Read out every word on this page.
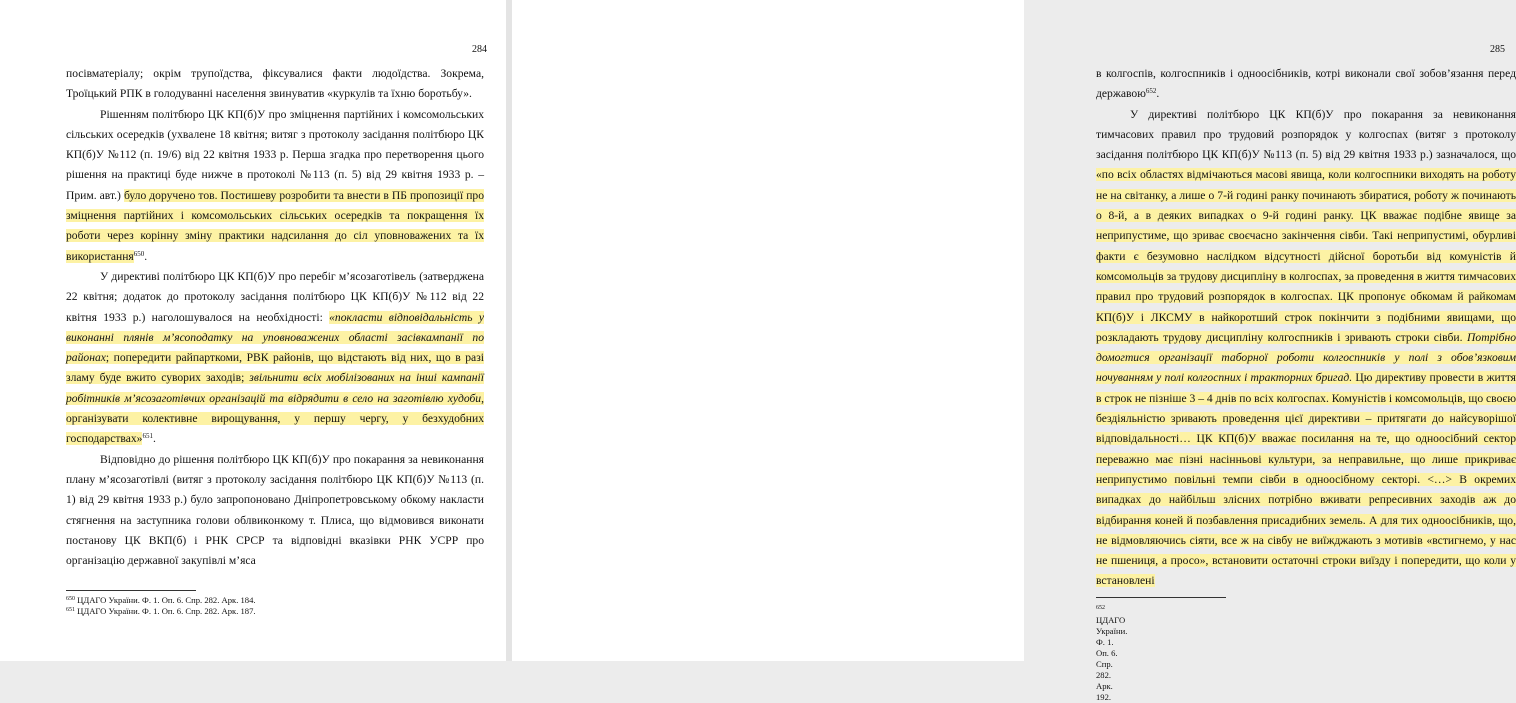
284

посівматеріалу; окрім трупоїдства, фіксувалися факти людоїдства. Зокрема, Троїцький РПК в голодуванні населення звинуватив «куркулів та їхню боротьбу».

Рішенням політбюро ЦК КП(б)У про зміцнення партійних і комсомольських сільських осередків (ухвалене 18 квітня; витяг з протоколу засідання політбюро ЦК КП(б)У №112 (п. 19/6) від 22 квітня 1933 р. Перша згадка про перетворення цього рішення на практиці буде нижче в протоколі №113 (п. 5) від 29 квітня 1933 р. – Прим. авт.) було доручено тов. Постишеву розробити та внести в ПБ пропозиції про зміцнення партійних і комсомольських сільських осередків та покращення їх роботи через корінну зміну практики надсилання до сіл уповноважених та їх використання$^{650}$.

У директиві політбюро ЦК КП(б)У про перебіг м’ясозаготівель (затверджена 22 квітня; додаток до протоколу засідання політбюро ЦК КП(б)У №112 від 22 квітня 1933 р.) наголошувалося на необхідності: «покласти відповідальність у виконанні плянів м’ясоподатку на уповноважених області засівкампанії по районах; попередити райпарткоми, РВК районів, що відстають від них, що в разі зламу буде вжито суворих заходів; звільнити всіх мобілізованих на інші кампанії робітників м’ясозаготівчих організацій та відрядити в село на заготівлю худоби, організувати колективне вирощування, у першу чергу, у безхудобних господарствах»$^{651}$.

Відповідно до рішення політбюро ЦК КП(б)У про покарання за невиконання плану м’ясозаготівлі (витяг з протоколу засідання політбюро ЦК КП(б)У №113 (п. 1) від 29 квітня 1933 р.) було запропоновано Дніпропетровському обкому накласти стягнення на заступника голови облвиконкому т. Плиса, що відмовився виконати постанову ЦК ВКП(б) і РНК СРСР та відповідні вказівки РНК УСРР про організацію державної закупівлі м’яса

$^{650}$ ЦДАГО України. Ф. 1. Оп. 6. Спр. 282. Арк. 184.
$^{651}$ ЦДАГО України. Ф. 1. Оп. 6. Спр. 282. Арк. 187.
285

в колгоспів, колгоспників і одноосібників, котрі виконали свої зобов’язання перед державою$^{652}$.

У директиві політбюро ЦК КП(б)У про покарання за невиконання тимчасових правил про трудовий розпорядок у колгоспах (витяг з протоколу засідання політбюро ЦК КП(б)У №113 (п. 5) від 29 квітня 1933 р.) зазначалося, що «по всіх областях відмічаються масові явища, коли колгоспники виходять на роботу не на світанку, а лише о 7-й годині ранку починають збиратися, роботу ж починають о 8-й, а в деяких випадках о 9-й годині ранку. ЦК вважає подібне явище за неприпустиме, що зриває своєчасно закінчення сівби. Такі неприпустимі, обурливі факти є безумовно наслідком відсутності дійсної боротьби від комуністів й комсомольців за трудову дисципліну в колгоспах, за проведення в життя тимчасових правил про трудовий розпорядок в колгоспах. ЦК пропонує обкомам й райкомам КП(б)У і ЛКСМУ в найкоротший строк покінчити з подібними явищами, що розкладають трудову дисципліну колгоспників і зривають строки сівби. Потрібно домогтися організації таборної роботи колгоспників у полі з обов’язковим ночуванням у полі колгоспних і тракторних бригад. Цю директиву провести в життя в строк не пізніше 3 – 4 днів по всіх колгоспах. Комуністів і комсомольців, що своєю бездіяльністю зривають проведення цієї директиви – притягати до найсуворішої відповідальності… ЦК КП(б)У вважає посилання на те, що одноосібний сектор переважно має пізні насінньові культури, за неправильне, що лише прикриває неприпустимо повільні темпи сівби в одноосібному секторі. <…> В окремих випадках до найбільш злісних потрібно вживати репресивних заходів аж до відбирання коней й позбавлення присадибних земель. А для тих одноосібників, що, не відмовляючись сіяти, все ж на сівбу не виїжджають з мотивів «встигнемо, у нас не пшениця, а просо», встановити остаточні строки виїзду і попередити, що коли у встановлені

$^{652}$ ЦДАГО України. Ф. 1. Оп. 6. Спр. 282. Арк. 192.
